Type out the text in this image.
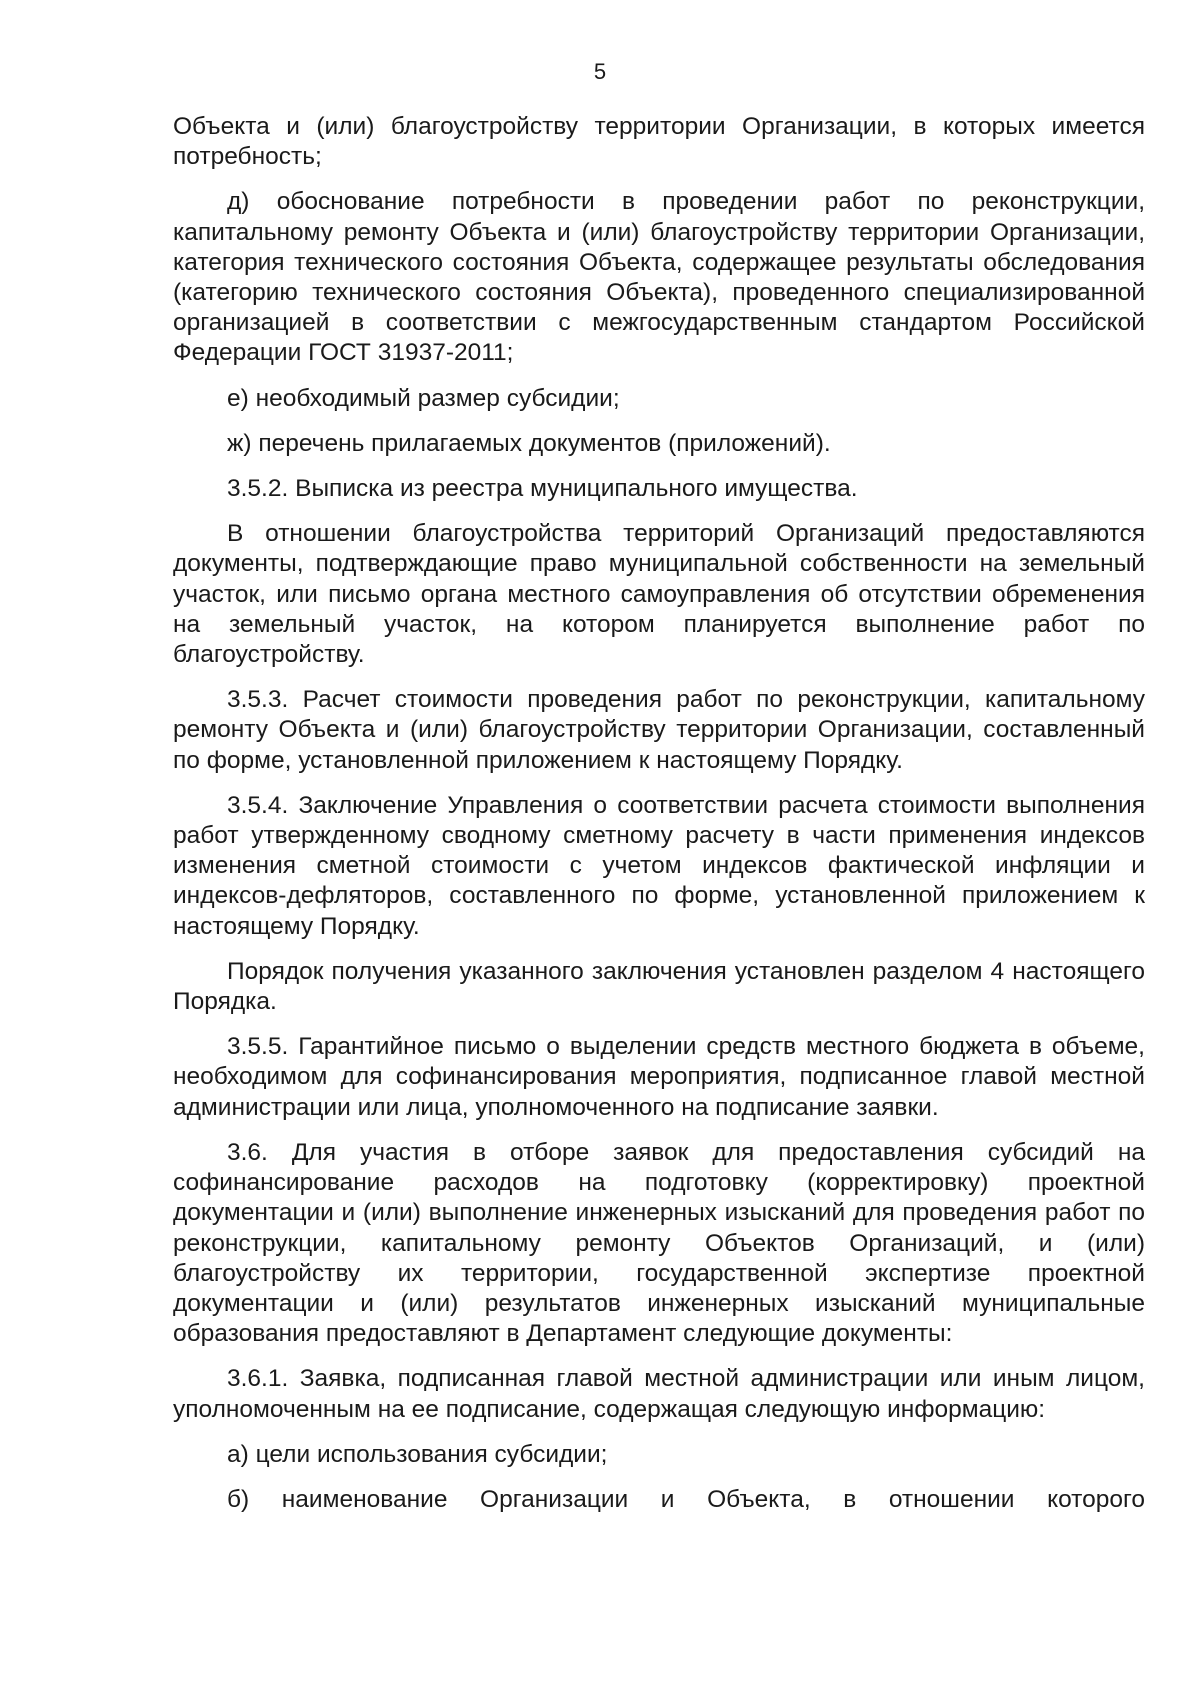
5

Объекта и (или) благоустройству территории Организации, в которых имеется потребность;

д) обоснование потребности в проведении работ по реконструкции, капитальному ремонту Объекта и (или) благоустройству территории Организации, категория технического состояния Объекта, содержащее результаты обследования (категорию технического состояния Объекта), проведенного специализированной организацией в соответствии с межгосударственным стандартом Российской Федерации ГОСТ 31937-2011;

е) необходимый размер субсидии;

ж) перечень прилагаемых документов (приложений).

3.5.2. Выписка из реестра муниципального имущества.

В отношении благоустройства территорий Организаций предоставляются документы, подтверждающие право муниципальной собственности на земельный участок, или письмо органа местного самоуправления об отсутствии обременения на земельный участок, на котором планируется выполнение работ по благоустройству.

3.5.3. Расчет стоимости проведения работ по реконструкции, капитальному ремонту Объекта и (или) благоустройству территории Организации, составленный по форме, установленной приложением к настоящему Порядку.

3.5.4. Заключение Управления о соответствии расчета стоимости выполнения работ утвержденному сводному сметному расчету в части применения индексов изменения сметной стоимости с учетом индексов фактической инфляции и индексов-дефляторов, составленного по форме, установленной приложением к настоящему Порядку.

Порядок получения указанного заключения установлен разделом 4 настоящего Порядка.

3.5.5. Гарантийное письмо о выделении средств местного бюджета в объеме, необходимом для софинансирования мероприятия, подписанное главой местной администрации или лица, уполномоченного на подписание заявки.

3.6. Для участия в отборе заявок для предоставления субсидий на софинансирование расходов на подготовку (корректировку) проектной документации и (или) выполнение инженерных изысканий для проведения работ по реконструкции, капитальному ремонту Объектов Организаций, и (или) благоустройству их территории, государственной экспертизе проектной документации и (или) результатов инженерных изысканий муниципальные образования предоставляют в Департамент следующие документы:

3.6.1. Заявка, подписанная главой местной администрации или иным лицом, уполномоченным на ее подписание, содержащая следующую информацию:

а) цели использования субсидии;

б) наименование Организации и Объекта, в отношении которого
